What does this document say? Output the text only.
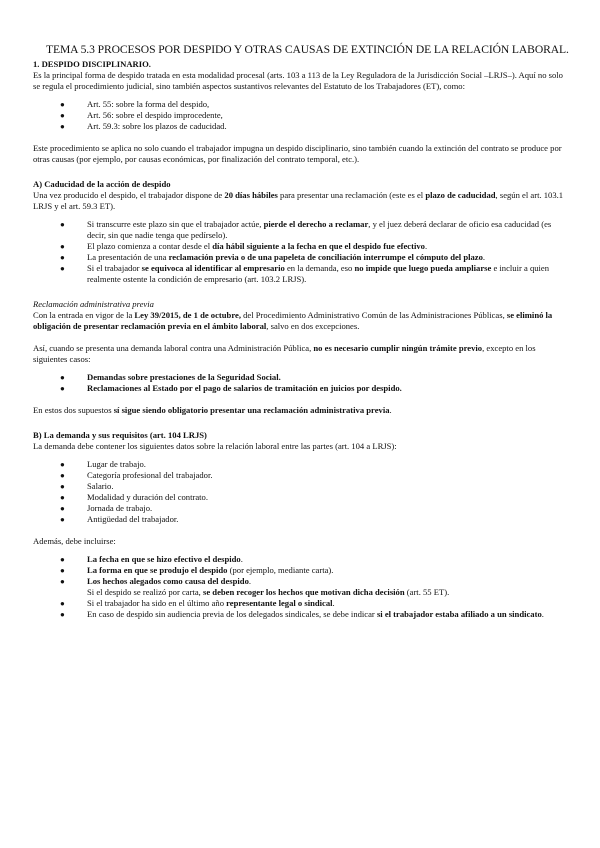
TEMA 5.3 PROCESOS POR DESPIDO Y OTRAS CAUSAS DE EXTINCIÓN DE LA RELACIÓN LABORAL.

1. DESPIDO DISCIPLINARIO.

Es la principal forma de despido tratada en esta modalidad procesal (arts. 103 a 113 de la Ley Reguladora de la Jurisdicción Social –LRJS–). Aquí no solo se regula el procedimiento judicial, sino también aspectos sustantivos relevantes del Estatuto de los Trabajadores (ET), como:

●	Art. 55: sobre la forma del despido,
●	Art. 56: sobre el despido improcedente,
●	Art. 59.3: sobre los plazos de caducidad.

Este procedimiento se aplica no solo cuando el trabajador impugna un despido disciplinario, sino también cuando la extinción del contrato se produce por otras causas (por ejemplo, por causas económicas, por finalización del contrato temporal, etc.).

A) Caducidad de la acción de despido

Una vez producido el despido, el trabajador dispone de 20 días hábiles para presentar una reclamación (este es el plazo de caducidad, según el art. 103.1 LRJS y el art. 59.3 ET).

●	Si transcurre este plazo sin que el trabajador actúe, pierde el derecho a reclamar, y el juez deberá declarar de oficio esa caducidad (es decir, sin que nadie tenga que pedírselo).
●	El plazo comienza a contar desde el día hábil siguiente a la fecha en que el despido fue efectivo.
●	La presentación de una reclamación previa o de una papeleta de conciliación interrumpe el cómputo del plazo.
●	Si el trabajador se equivoca al identificar al empresario en la demanda, eso no impide que luego pueda ampliarse e incluir a quien realmente ostente la condición de empresario (art. 103.2 LRJS).

Reclamación administrativa previa

Con la entrada en vigor de la Ley 39/2015, de 1 de octubre, del Procedimiento Administrativo Común de las Administraciones Públicas, se eliminó la obligación de presentar reclamación previa en el ámbito laboral, salvo en dos excepciones.

Así, cuando se presenta una demanda laboral contra una Administración Pública, no es necesario cumplir ningún trámite previo, excepto en los siguientes casos:

●	Demandas sobre prestaciones de la Seguridad Social.
●	Reclamaciones al Estado por el pago de salarios de tramitación en juicios por despido.

En estos dos supuestos sí sigue siendo obligatorio presentar una reclamación administrativa previa.

B) La demanda y sus requisitos (art. 104 LRJS)

La demanda debe contener los siguientes datos sobre la relación laboral entre las partes (art. 104 a LRJS):

●	Lugar de trabajo.
●	Categoría profesional del trabajador.
●	Salario.
●	Modalidad y duración del contrato.
●	Jornada de trabajo.
●	Antigüedad del trabajador.

Además, debe incluirse:

●	La fecha en que se hizo efectivo el despido.
●	La forma en que se produjo el despido (por ejemplo, mediante carta).
●	Los hechos alegados como causa del despido.
Si el despido se realizó por carta, se deben recoger los hechos que motivan dicha decisión (art. 55 ET).
●	Si el trabajador ha sido en el último año representante legal o sindical.
●	En caso de despido sin audiencia previa de los delegados sindicales, se debe indicar si el trabajador estaba afiliado a un sindicato.
